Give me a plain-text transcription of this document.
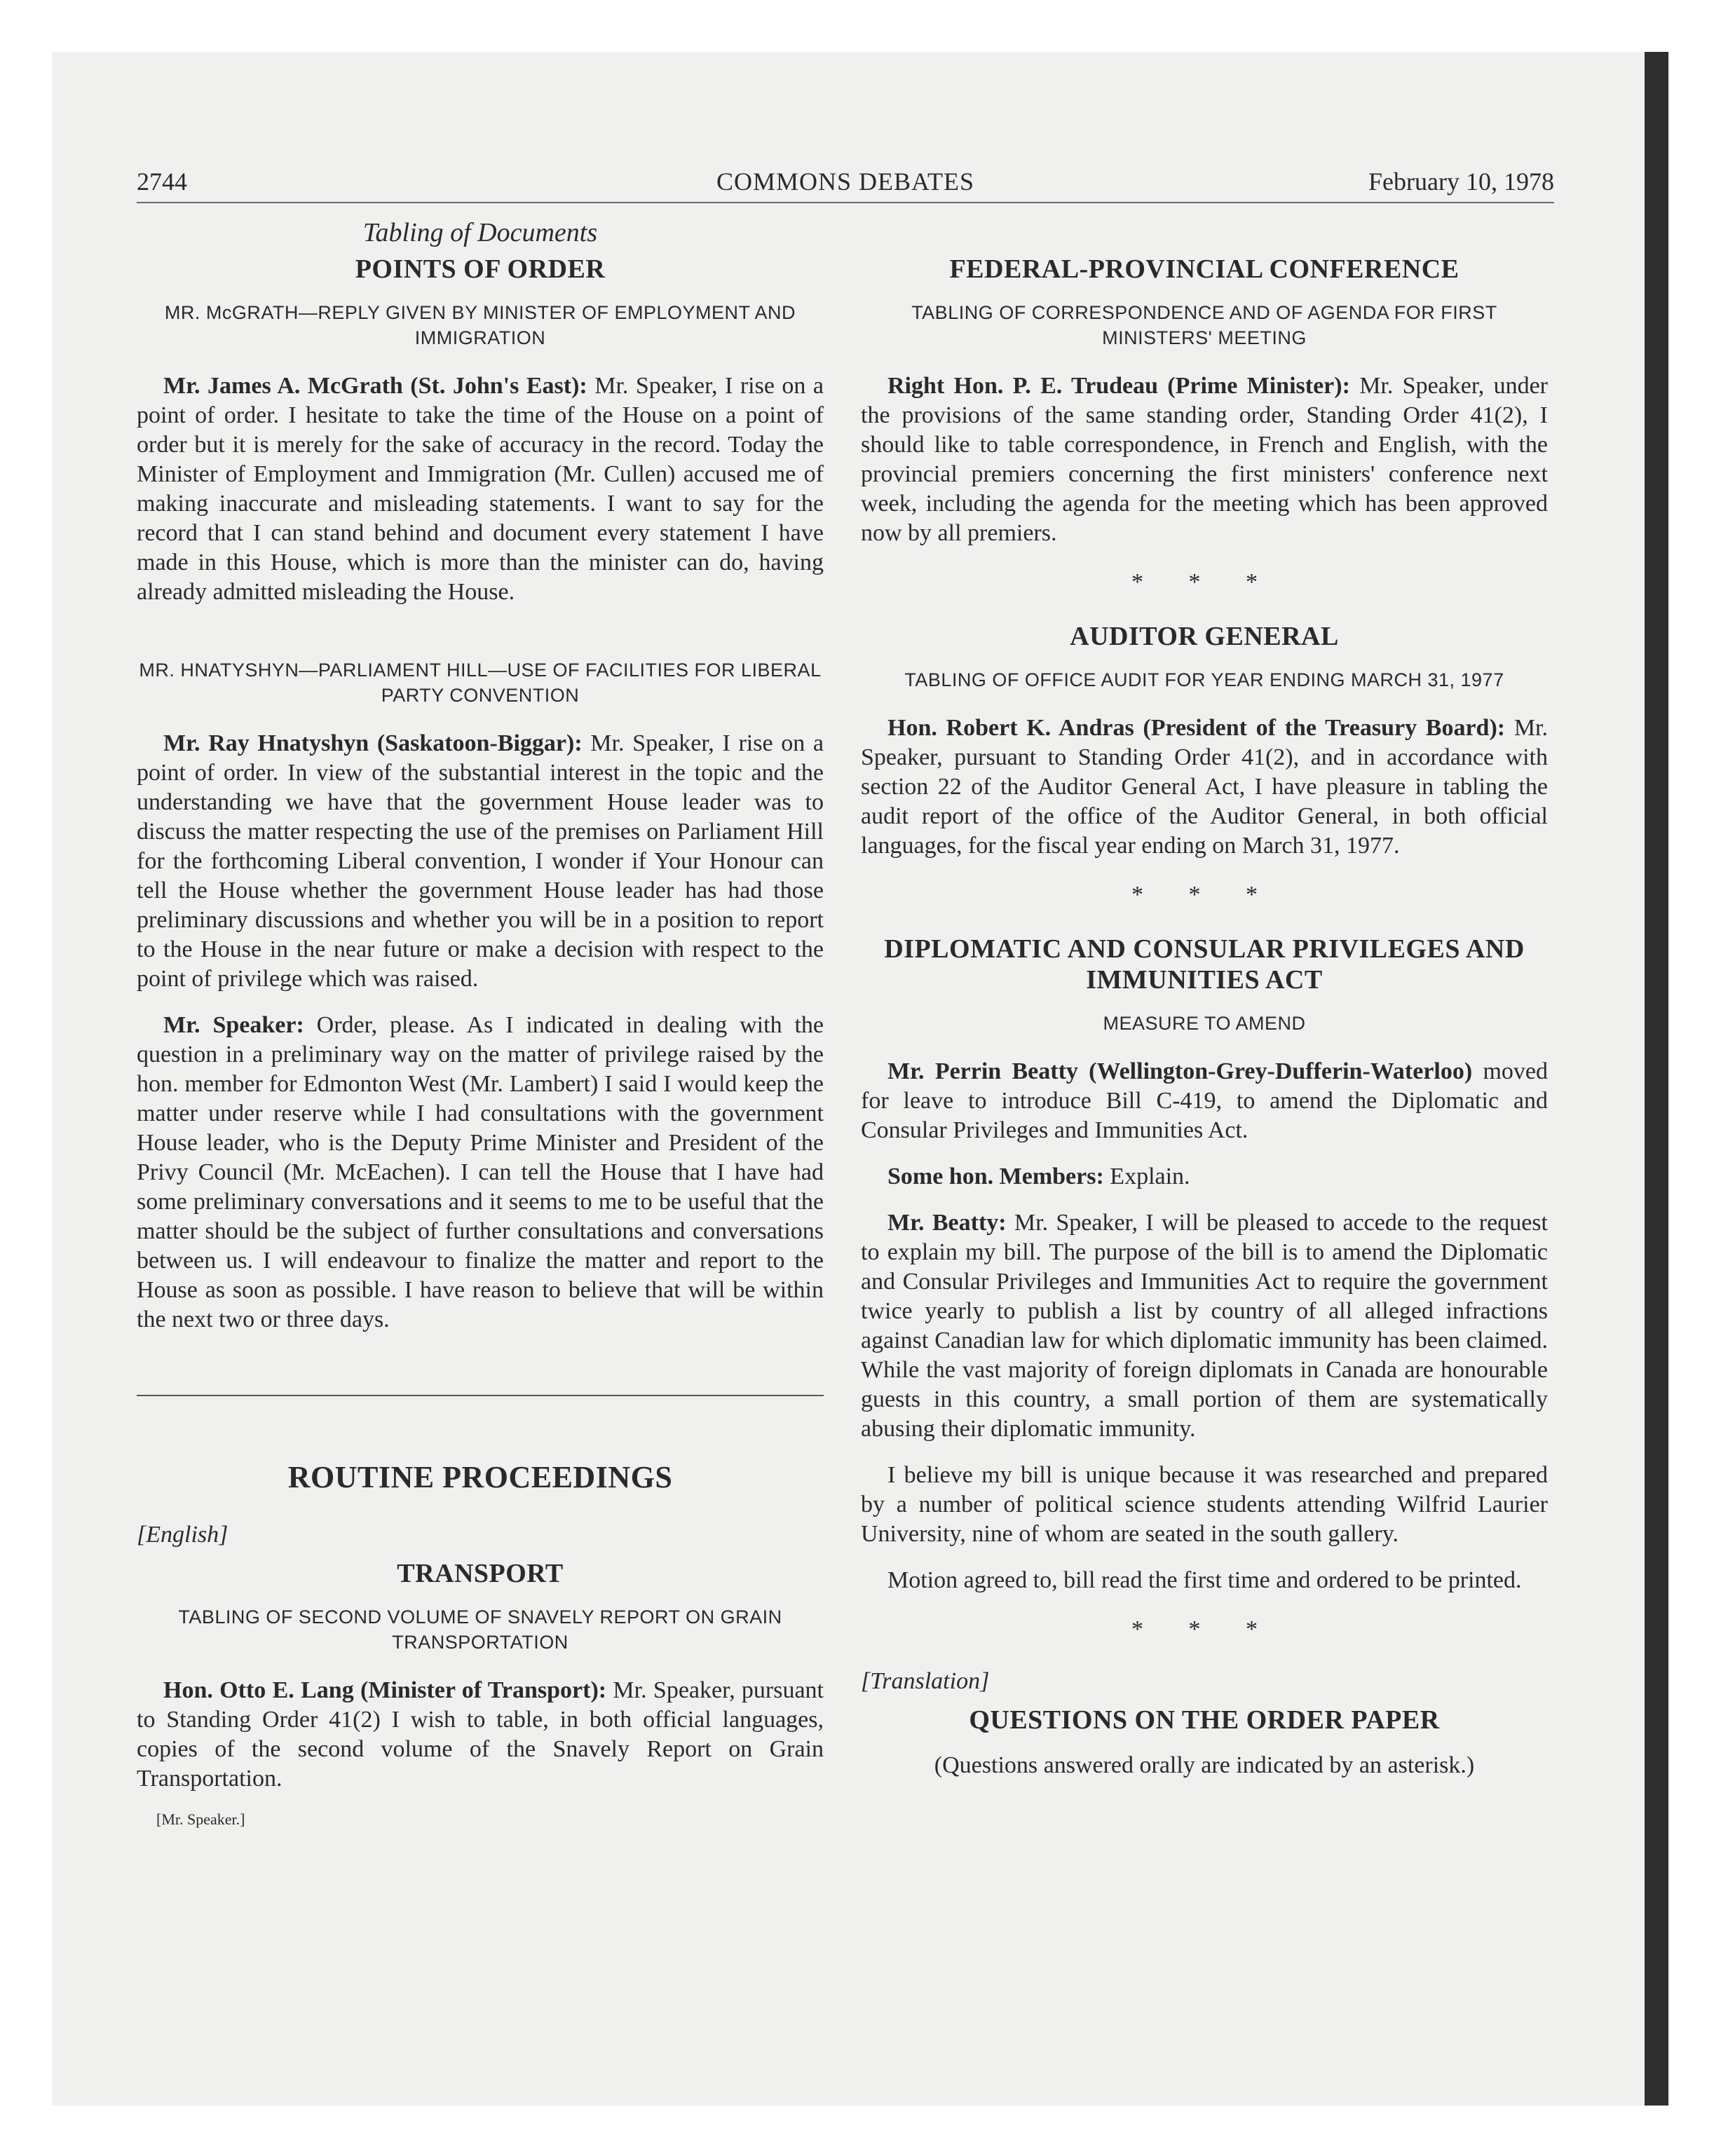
2744	COMMONS DEBATES	February 10, 1978
Tabling of Documents
POINTS OF ORDER
MR. McGRATH—REPLY GIVEN BY MINISTER OF EMPLOYMENT AND IMMIGRATION

Mr. James A. McGrath (St. John's East): Mr. Speaker, I rise on a point of order. I hesitate to take the time of the House on a point of order but it is merely for the sake of accuracy in the record. Today the Minister of Employment and Immigration (Mr. Cullen) accused me of making inaccurate and misleading statements. I want to say for the record that I can stand behind and document every statement I have made in this House, which is more than the minister can do, having already admitted misleading the House.

MR. HNATYSHYN—PARLIAMENT HILL—USE OF FACILITIES FOR LIBERAL PARTY CONVENTION

Mr. Ray Hnatyshyn (Saskatoon-Biggar): Mr. Speaker, I rise on a point of order. In view of the substantial interest in the topic and the understanding we have that the government House leader was to discuss the matter respecting the use of the premises on Parliament Hill for the forthcoming Liberal convention, I wonder if Your Honour can tell the House whether the government House leader has had those preliminary discussions and whether you will be in a position to report to the House in the near future or make a decision with respect to the point of privilege which was raised.

Mr. Speaker: Order, please. As I indicated in dealing with the question in a preliminary way on the matter of privilege raised by the hon. member for Edmonton West (Mr. Lambert) I said I would keep the matter under reserve while I had consultations with the government House leader, who is the Deputy Prime Minister and President of the Privy Council (Mr. McEachen). I can tell the House that I have had some preliminary conversations and it seems to me to be useful that the matter should be the subject of further consultations and conversations between us. I will endeavour to finalize the matter and report to the House as soon as possible. I have reason to believe that will be within the next two or three days.

ROUTINE PROCEEDINGS
[English]
TRANSPORT
TABLING OF SECOND VOLUME OF SNAVELY REPORT ON GRAIN TRANSPORTATION

Hon. Otto E. Lang (Minister of Transport): Mr. Speaker, pursuant to Standing Order 41(2) I wish to table, in both official languages, copies of the second volume of the Snavely Report on Grain Transportation.

[Mr. Speaker.]
FEDERAL-PROVINCIAL CONFERENCE
TABLING OF CORRESPONDENCE AND OF AGENDA FOR FIRST MINISTERS' MEETING

Right Hon. P. E. Trudeau (Prime Minister): Mr. Speaker, under the provisions of the same standing order, Standing Order 41(2), I should like to table correspondence, in French and English, with the provincial premiers concerning the first ministers' conference next week, including the agenda for the meeting which has been approved now by all premiers.

* * *
AUDITOR GENERAL
TABLING OF OFFICE AUDIT FOR YEAR ENDING MARCH 31, 1977

Hon. Robert K. Andras (President of the Treasury Board): Mr. Speaker, pursuant to Standing Order 41(2), and in accordance with section 22 of the Auditor General Act, I have pleasure in tabling the audit report of the office of the Auditor General, in both official languages, for the fiscal year ending on March 31, 1977.

* * *
DIPLOMATIC AND CONSULAR PRIVILEGES AND IMMUNITIES ACT
MEASURE TO AMEND

Mr. Perrin Beatty (Wellington-Grey-Dufferin-Waterloo) moved for leave to introduce Bill C-419, to amend the Diplomatic and Consular Privileges and Immunities Act.

Some hon. Members: Explain.

Mr. Beatty: Mr. Speaker, I will be pleased to accede to the request to explain my bill. The purpose of the bill is to amend the Diplomatic and Consular Privileges and Immunities Act to require the government twice yearly to publish a list by country of all alleged infractions against Canadian law for which diplomatic immunity has been claimed. While the vast majority of foreign diplomats in Canada are honourable guests in this country, a small portion of them are systematically abusing their diplomatic immunity.

I believe my bill is unique because it was researched and prepared by a number of political science students attending Wilfrid Laurier University, nine of whom are seated in the south gallery.

Motion agreed to, bill read the first time and ordered to be printed.

* * *
[Translation]
QUESTIONS ON THE ORDER PAPER
(Questions answered orally are indicated by an asterisk.)
